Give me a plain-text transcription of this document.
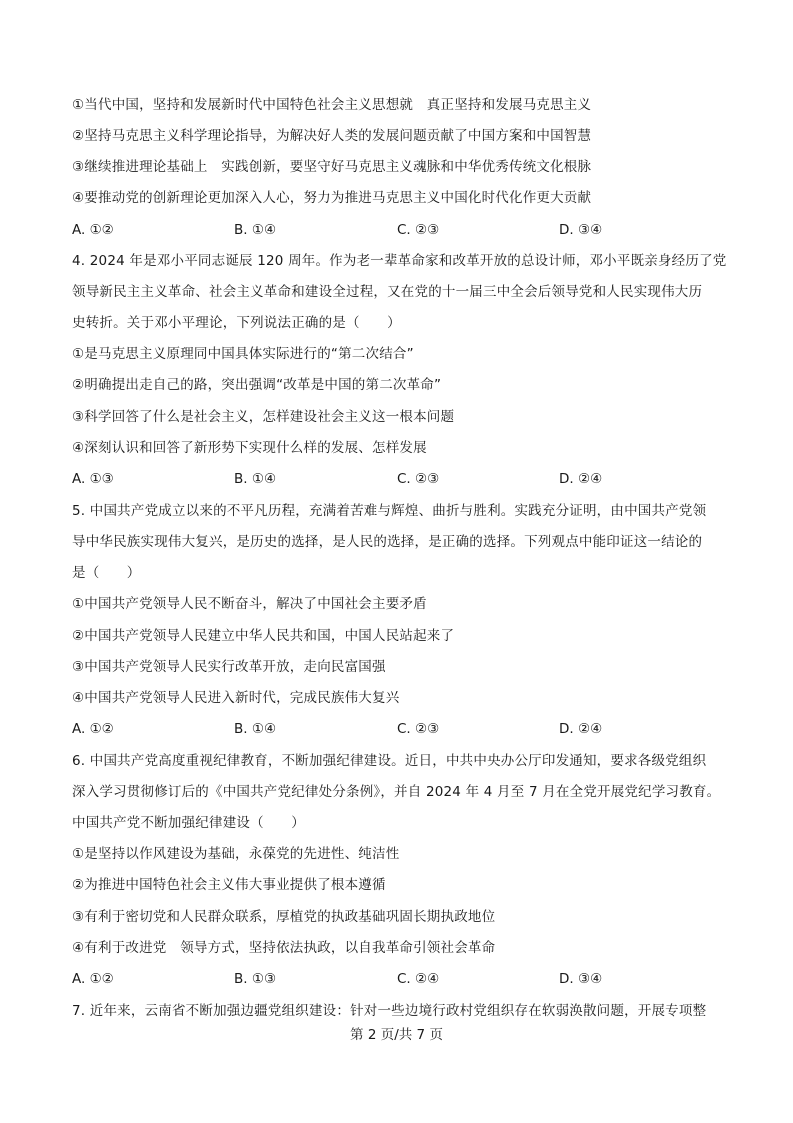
①当代中国，坚持和发展新时代中国特色社会主义思想就　真正坚持和发展马克思主义
②坚持马克思主义科学理论指导，为解决好人类的发展问题贡献了中国方案和中国智慧
③继续推进理论基础上　实践创新，要坚守好马克思主义魂脉和中华优秀传统文化根脉
④要推动党的创新理论更加深入人心，努力为推进马克思主义中国化时代化作更大贡献
A. ①②	B. ①④	C. ②③	D. ③④
4. 2024 年是邓小平同志诞辰 120 周年。作为老一辈革命家和改革开放的总设计师，邓小平既亲身经历了党
领导新民主主义革命、社会主义革命和建设全过程，又在党的十一届三中全会后领导党和人民实现伟大历
史转折。关于邓小平理论，下列说法正确的是（　　）
①是马克思主义原理同中国具体实际进行的“第二次结合”
②明确提出走自己的路，突出强调“改革是中国的第二次革命”
③科学回答了什么是社会主义，怎样建设社会主义这一根本问题
④深刻认识和回答了新形势下实现什么样的发展、怎样发展
A. ①③	B. ①④	C. ②③	D. ②④
5. 中国共产党成立以来的不平凡历程，充满着苦难与辉煌、曲折与胜利。实践充分证明，由中国共产党领
导中华民族实现伟大复兴，是历史的选择，是人民的选择，是正确的选择。下列观点中能印证这一结论的
是（　　）
①中国共产党领导人民不断奋斗，解决了中国社会主要矛盾
②中国共产党领导人民建立中华人民共和国，中国人民站起来了
③中国共产党领导人民实行改革开放，走向民富国强
④中国共产党领导人民进入新时代，完成民族伟大复兴
A. ①②	B. ①④	C. ②③	D. ②④
6. 中国共产党高度重视纪律教育，不断加强纪律建设。近日，中共中央办公厅印发通知，要求各级党组织
深入学习贯彻修订后的《中国共产党纪律处分条例》，并自 2024 年 4 月至 7 月在全党开展党纪学习教育。
中国共产党不断加强纪律建设（　　）
①是坚持以作风建设为基础，永葆党的先进性、纯洁性
②为推进中国特色社会主义伟大事业提供了根本遵循
③有利于密切党和人民群众联系，厚植党的执政基础巩固长期执政地位
④有利于改进党　领导方式，坚持依法执政，以自我革命引领社会革命
A. ①②	B. ①③	C. ②④	D. ③④
7. 近年来，云南省不断加强边疆党组织建设：针对一些边境行政村党组织存在软弱涣散问题，开展专项整
第 2 页/共 7 页
